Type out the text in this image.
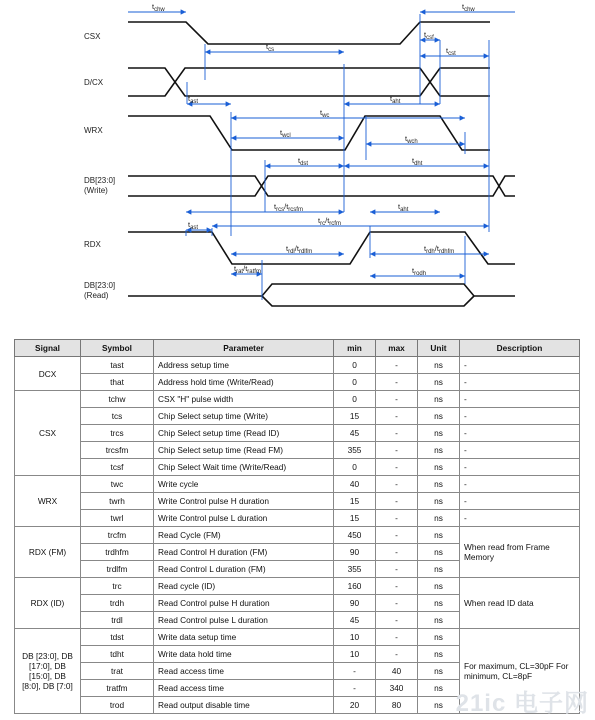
CSX
D/CX
WRX
DB[23:0]
(Write)
RDX
DB[23:0]
(Read)
$t_{chw}$	$t_{chw}$
$t_{csf}$
$t_{cs}$	$t_{cst}$
$t_{ast}$	$t_{aht}$
$t_{wc}$
$t_{wcl}$	$t_{wch}$
$t_{dst}$	$t_{dht}$
$t_{rcs}/t_{rcsfm}$	$t_{aht}$
$t_{ast}$
$t_{rc}/t_{rcfm}$
$t_{rdl}/t_{rdlfm}$	$t_{rdh}/t_{rdhfm}$
$t_{rat}/t_{ratfm}$	$t_{rodh}$
Signal	Symbol	Parameter	min	max	Unit	Description
DCX	tast	Address setup time	0	-	ns	-
	that	Address hold time (Write/Read)	0	-	ns	-
CSX	tchw	CSX "H" pulse width	0	-	ns	-
	tcs	Chip Select setup time (Write)	15	-	ns	-
	trcs	Chip Select setup time (Read ID)	45	-	ns	-
	trcsfm	Chip Select setup time (Read FM)	355	-	ns	-
	tcsf	Chip Select Wait time (Write/Read)	0	-	ns	-
WRX	twc	Write cycle	40	-	ns	-
	twrh	Write Control pulse H duration	15	-	ns	-
	twrl	Write Control pulse L duration	15	-	ns	-
RDX (FM)	trcfm	Read Cycle (FM)	450	-	ns	When read from Frame Memory
	trdhfm	Read Control H duration (FM)	90	-	ns	
	trdlfm	Read Control L duration (FM)	355	-	ns	
RDX (ID)	trc	Read cycle (ID)	160	-	ns	When read ID data
	trdh	Read Control pulse H duration	90	-	ns	
	trdl	Read Control pulse L duration	45	-	ns	
DB [23:0], DB [17:0], DB [15:0], DB [8:0], DB [7:0]	tdst	Write data setup time	10	-	ns	For maximum, CL=30pF For minimum, CL=8pF
	tdht	Write data hold time	10	-	ns	
	trat	Read access time	-	40	ns	
	tratfm	Read access time	-	340	ns	
	trod	Read output disable time	20	80	ns	21ic 电子网
